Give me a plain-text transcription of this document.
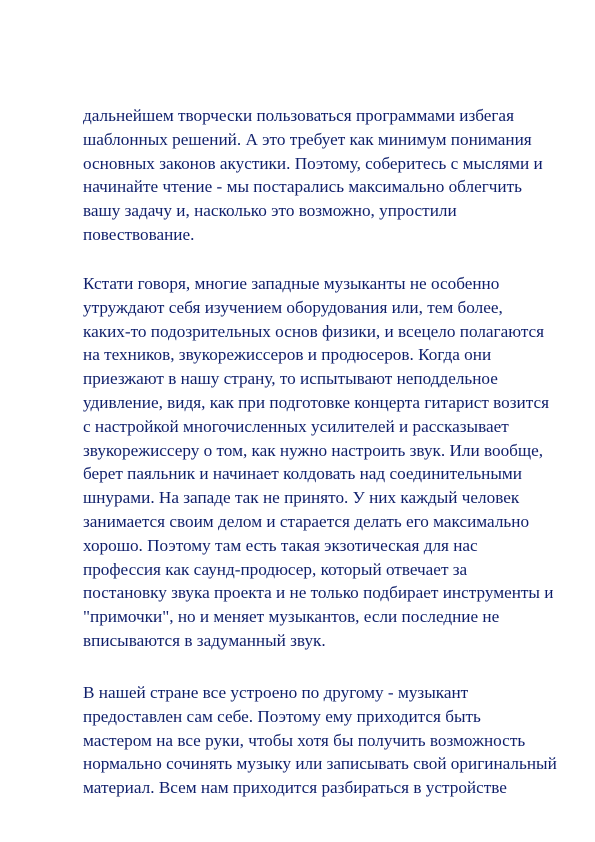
дальнейшем творчески пользоваться программами избегая
шаблонных решений. А это требует как минимум понимания
основных законов акустики. Поэтому, соберитесь с мыслями и
начинайте чтение - мы постарались максимально облегчить
вашу задачу и, насколько это возможно, упростили
повествование.
Кстати говоря, многие западные музыканты не особенно
утруждают себя изучением оборудования или, тем более,
каких-то подозрительных основ физики, и всецело полагаются
на техников, звукорежиссеров и продюсеров. Когда они
приезжают в нашу страну, то испытывают неподдельное
удивление, видя, как при подготовке концерта гитарист возится
с настройкой многочисленных усилителей и рассказывает
звукорежиссеру о том, как нужно настроить звук. Или вообще,
берет паяльник и начинает колдовать над соединительными
шнурами. На западе так не принято. У них каждый человек
занимается своим делом и старается делать его максимально
хорошо. Поэтому там есть такая экзотическая для нас
профессия как саунд-продюсер, который отвечает за
постановку звука проекта и не только подбирает инструменты и
"примочки", но и меняет музыкантов, если последние не
вписываются в задуманный звук.
В нашей стране все устроено по другому - музыкант
предоставлен сам себе. Поэтому ему приходится быть
мастером на все руки, чтобы хотя бы получить возможность
нормально сочинять музыку или записывать свой оригинальный
материал. Всем нам приходится разбираться в устройстве
